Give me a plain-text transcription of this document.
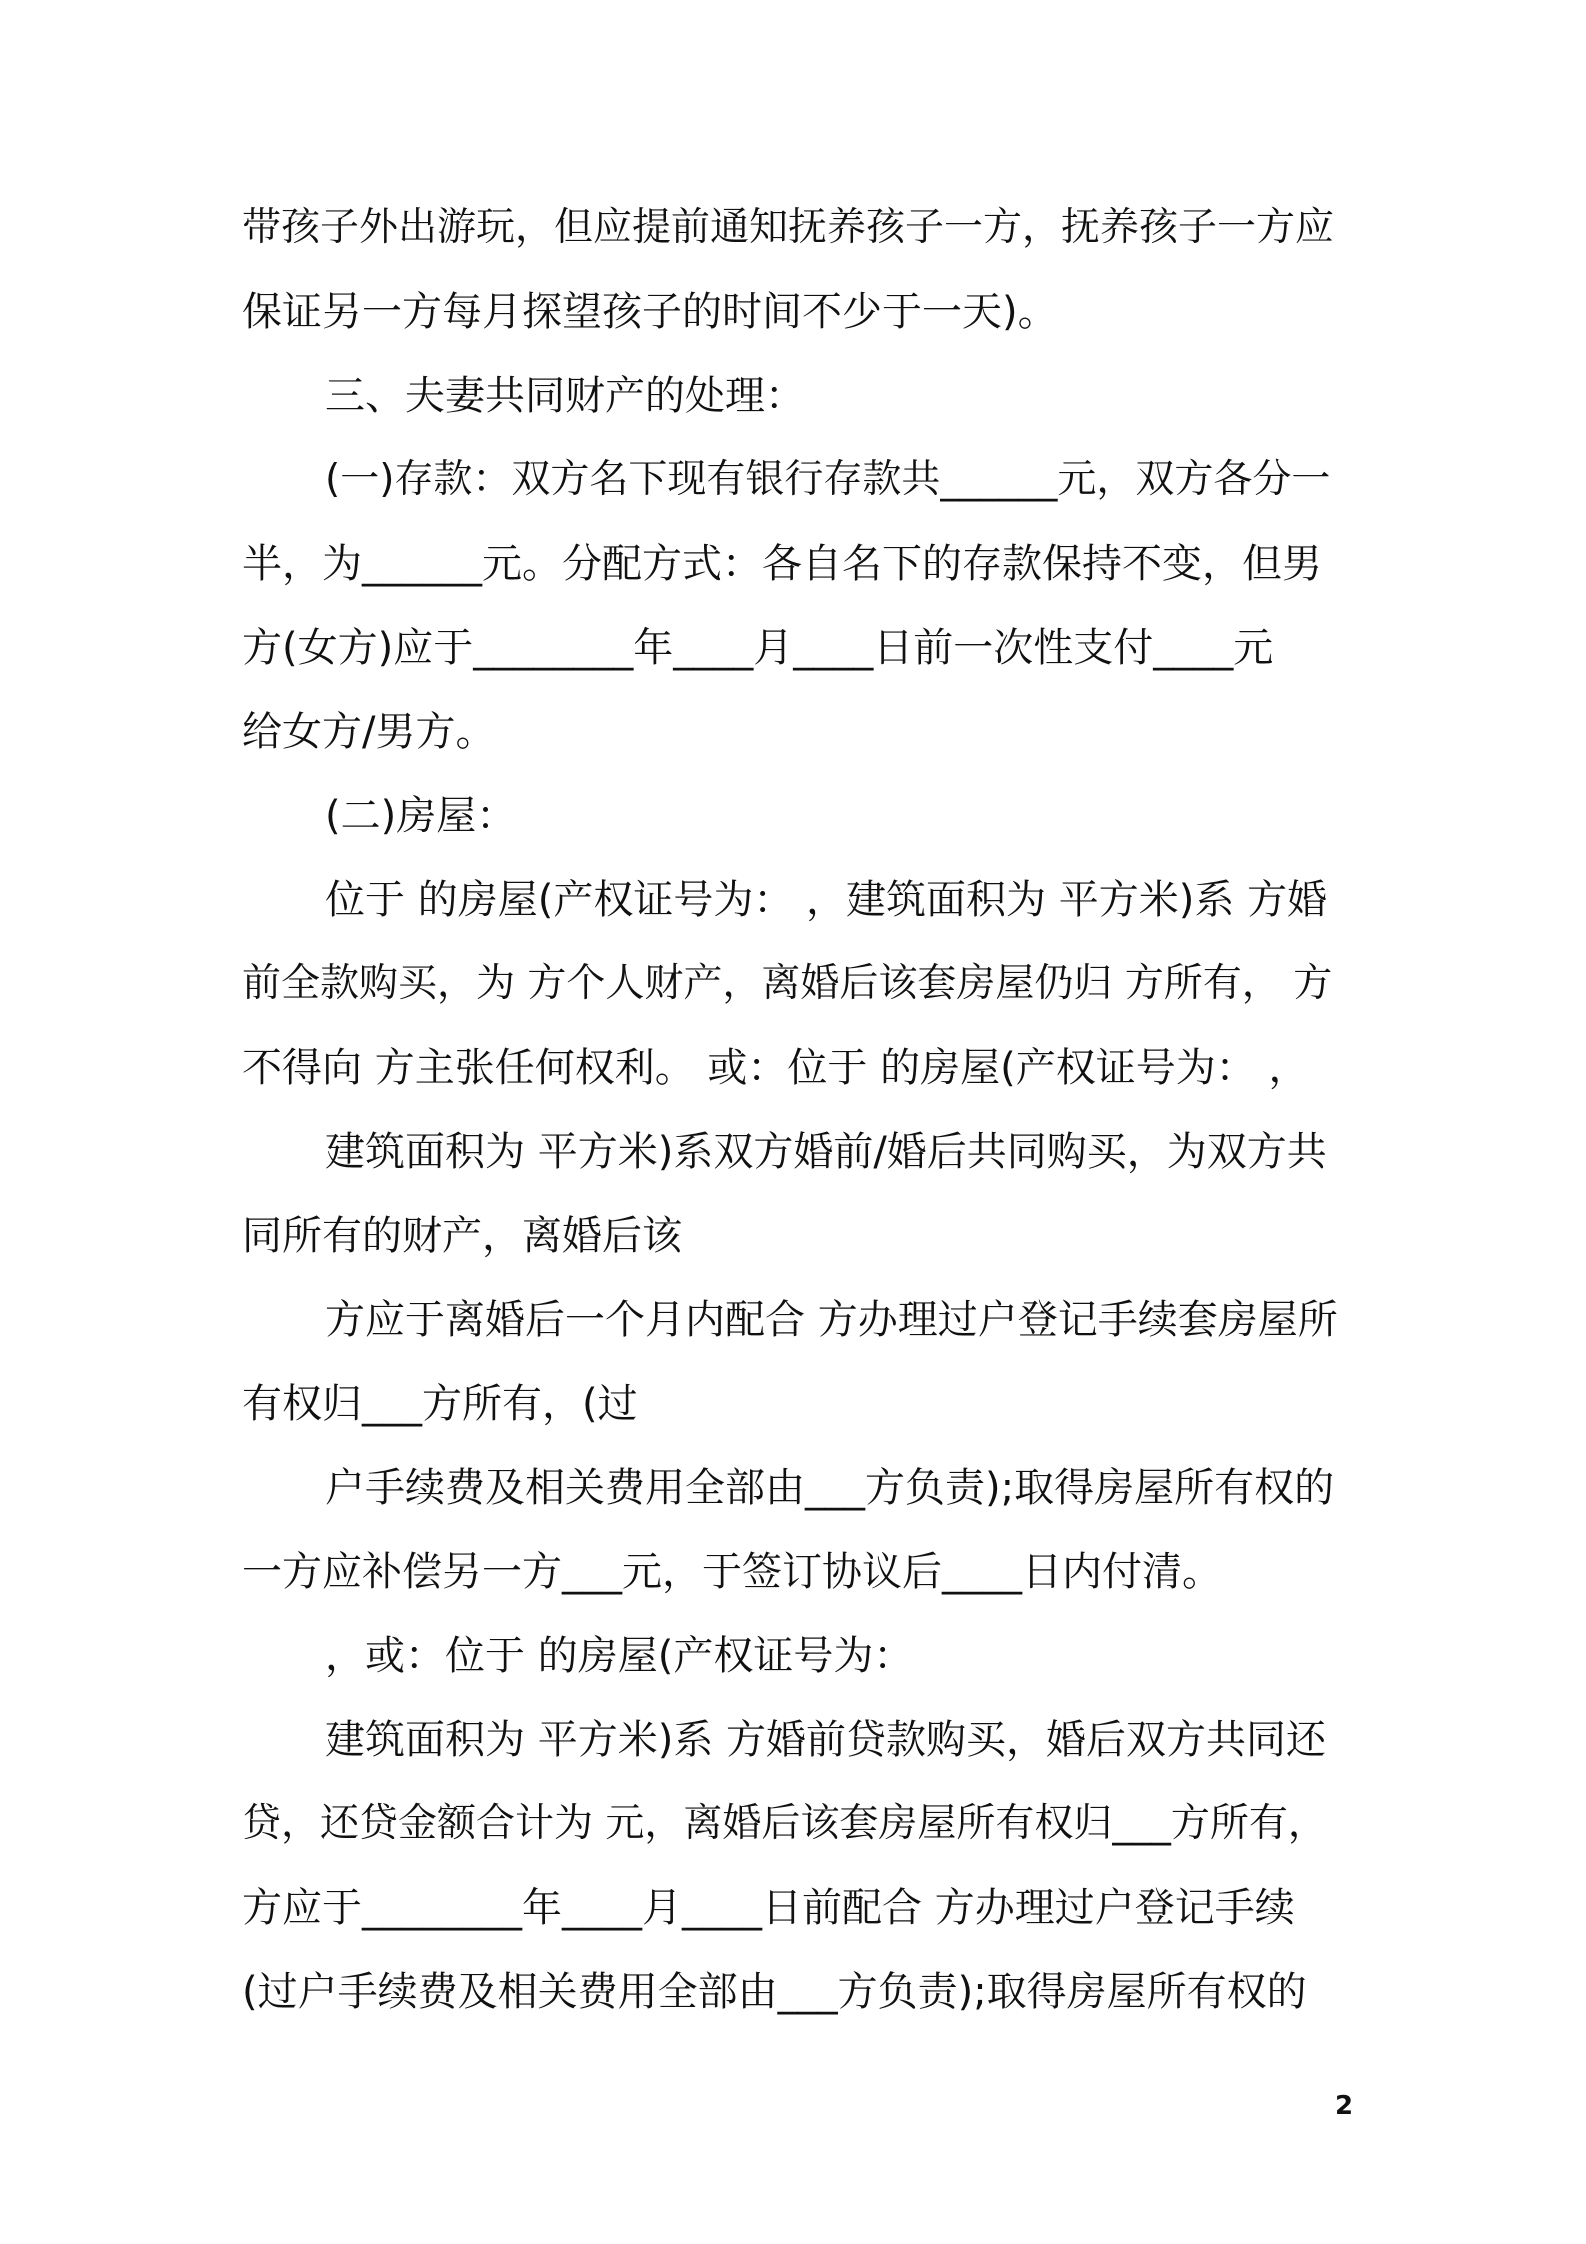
带孩子外出游玩，但应提前通知抚养孩子一方，抚养孩子一方应
保证另一方每月探望孩子的时间不少于一天)。
三、夫妻共同财产的处理：
(一)存款：双方名下现有银行存款共______元，双方各分一
半，为______元。分配方式：各自名下的存款保持不变，但男
方(女方)应于________年____月____日前一次性支付____元
给女方/男方。
(二)房屋：
位于 的房屋(产权证号为： ，建筑面积为 平方米)系 方婚
前全款购买，为 方个人财产，离婚后该套房屋仍归 方所有， 方
不得向 方主张任何权利。 或：位于 的房屋(产权证号为： ，
建筑面积为 平方米)系双方婚前/婚后共同购买，为双方共
同所有的财产，离婚后该
方应于离婚后一个月内配合 方办理过户登记手续套房屋所
有权归___方所有，(过
户手续费及相关费用全部由___方负责);取得房屋所有权的
一方应补偿另一方___元，于签订协议后____日内付清。
，或：位于 的房屋(产权证号为：
建筑面积为 平方米)系 方婚前贷款购买，婚后双方共同还
贷，还贷金额合计为 元，离婚后该套房屋所有权归___方所有，
方应于________年____月____日前配合 方办理过户登记手续
(过户手续费及相关费用全部由___方负责);取得房屋所有权的
2
